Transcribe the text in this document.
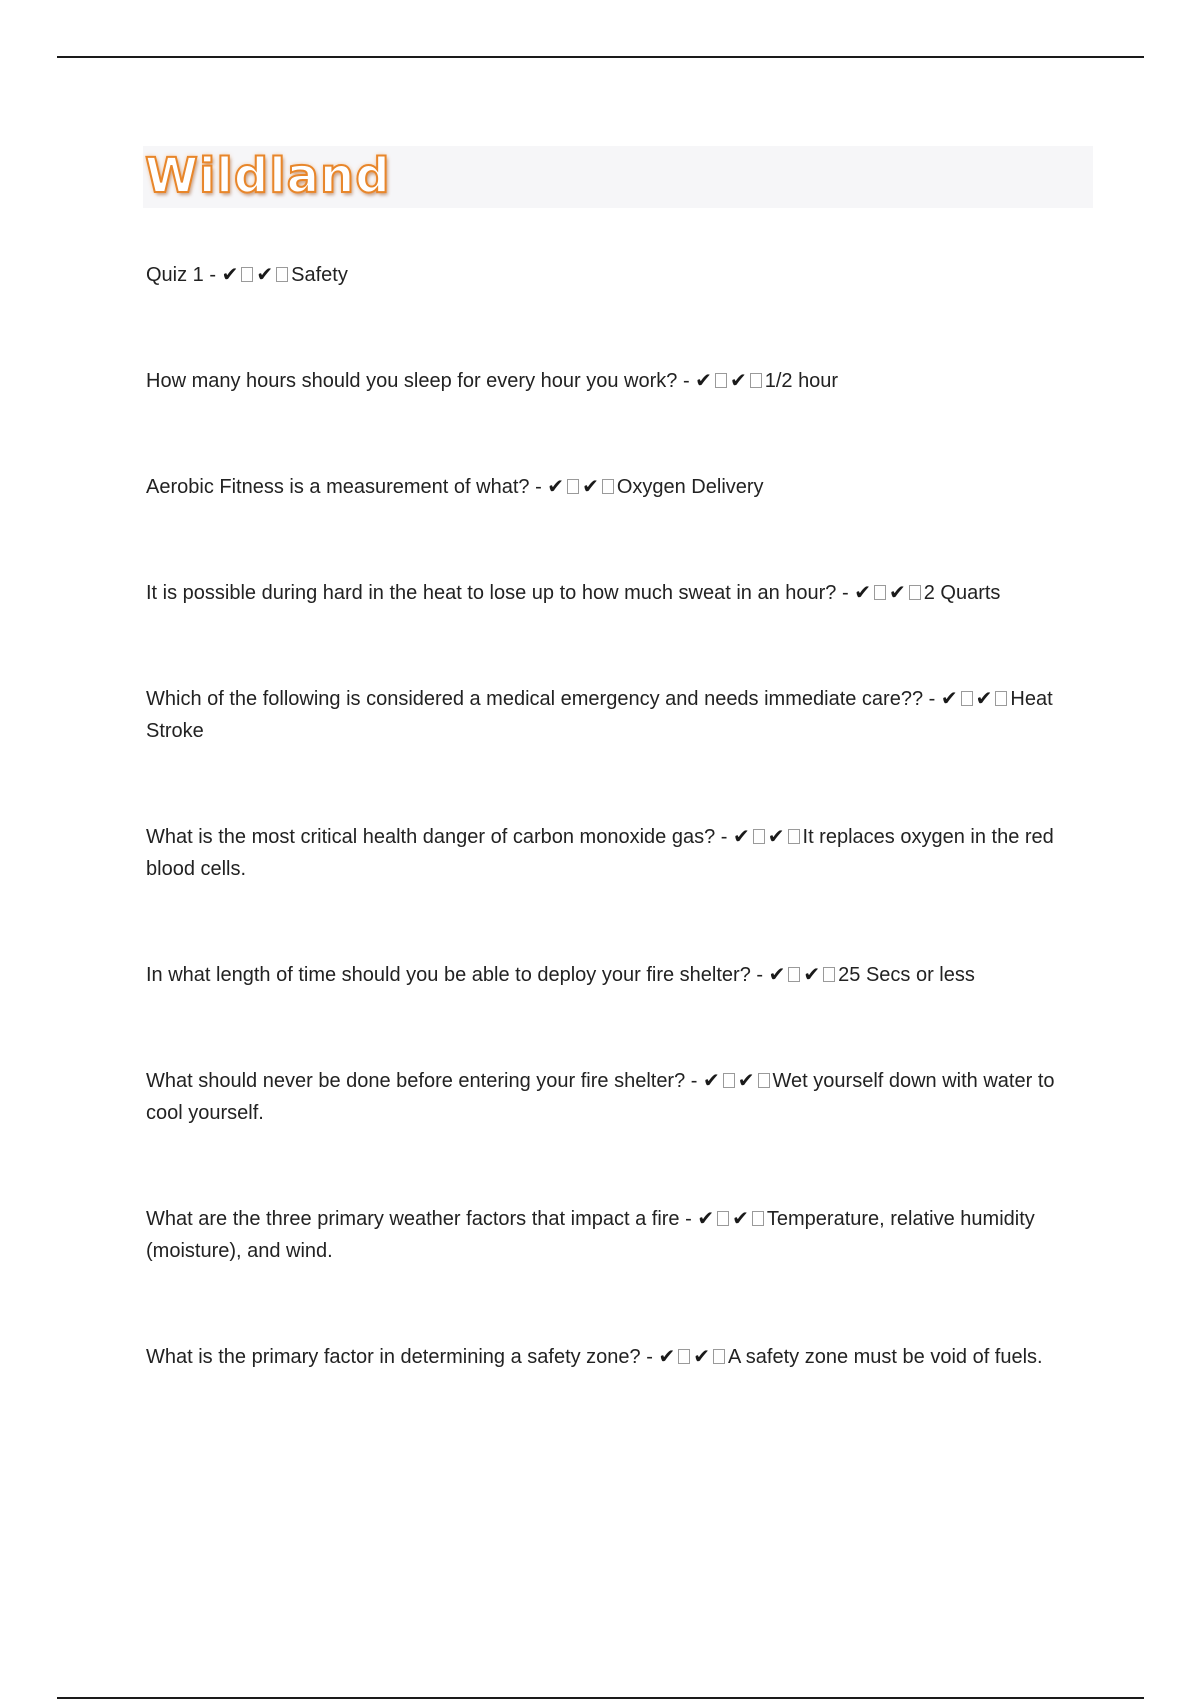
Wildland
Quiz 1 - ✔ ✔ Safety
How many hours should you sleep for every hour you work? - ✔ ✔ 1/2 hour
Aerobic Fitness is a measurement of what? - ✔ ✔ Oxygen Delivery
It is possible during hard in the heat to lose up to how much sweat in an hour? - ✔ ✔ 2 Quarts
Which of the following is considered a medical emergency and needs immediate care?? - ✔ ✔ Heat Stroke
What is the most critical health danger of carbon monoxide gas? - ✔ ✔ It replaces oxygen in the red blood cells.
In what length of time should you be able to deploy your fire shelter? - ✔ ✔ 25 Secs or less
What should never be done before entering your fire shelter? - ✔ ✔ Wet yourself down with water to cool yourself.
What are the three primary weather factors that impact a fire - ✔ ✔ Temperature, relative humidity (moisture), and wind.
What is the primary factor in determining a safety zone? - ✔ ✔ A safety zone must be void of fuels.
